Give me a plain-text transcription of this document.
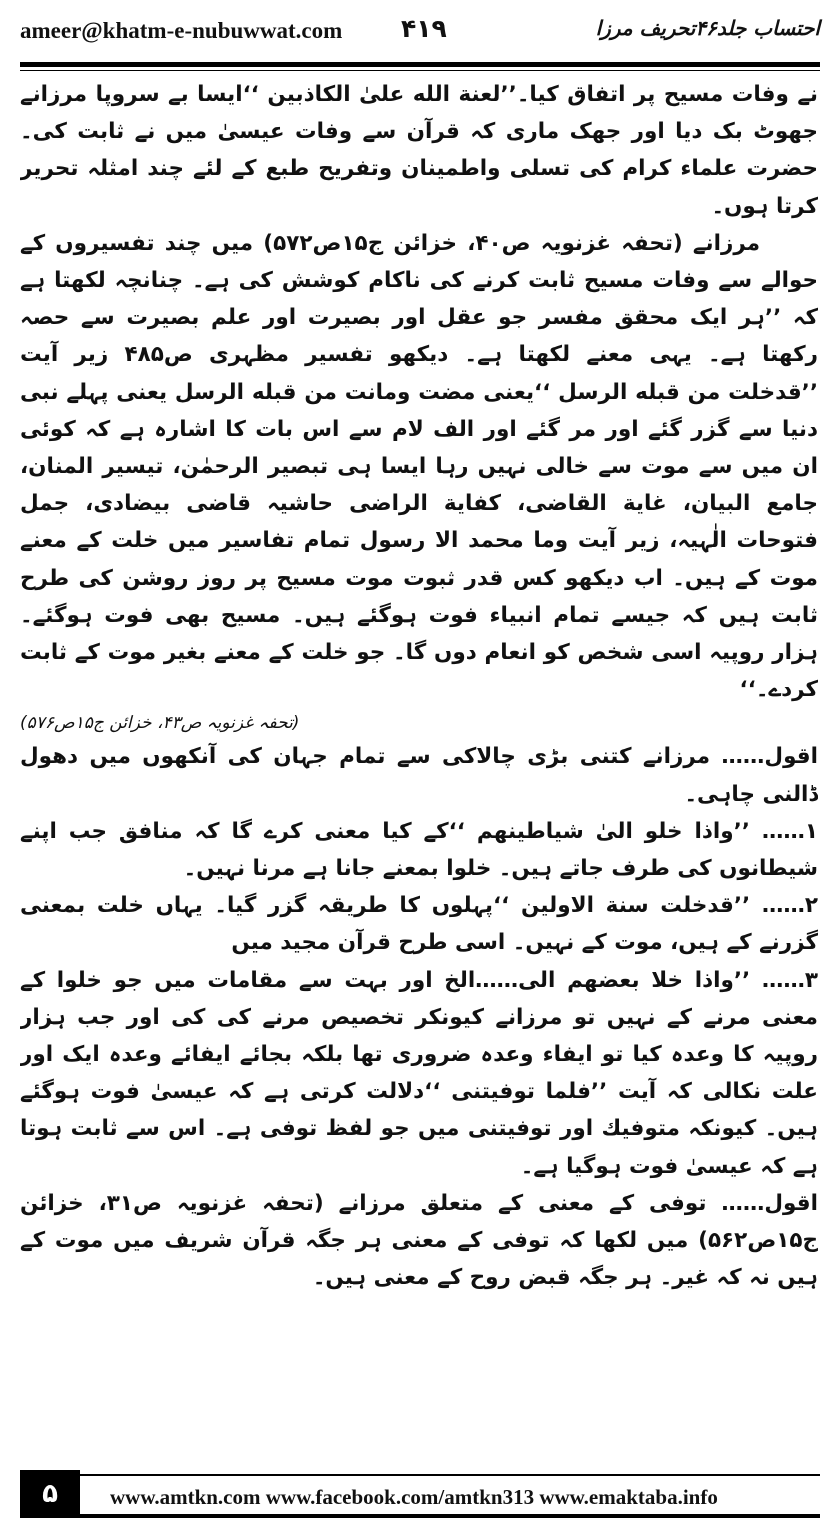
ameer@khatm-e-nubuwwat.com ۴۱۹	احتساب جلد۴۶تحریف مرزا

نے وفات مسیح پر اتفاق کیا۔’’لعنة الله علیٰ الکاذبین ‘‘ایسا بے سروپا مرزانے جھوٹ بک دیا اور جھک ماری کہ قرآن سے وفات عیسیٰ میں نے ثابت کی۔ حضرت علماء کرام کی تسلی واطمینان وتفریح طبع کے لئے چند امثلہ تحریر کرتا ہوں۔

مرزانے (تحفہ غزنویہ ص۴۰، خزائن ج۱۵ص۵۷۲) میں چند تفسیروں کے حوالے سے وفات مسیح ثابت کرنے کی ناکام کوشش کی ہے۔ چنانچہ لکھتا ہے کہ ’’ہر ایک محقق مفسر جو عقل اور بصیرت اور علم بصیرت سے حصہ رکھتا ہے۔ یہی معنے لکھتا ہے۔ دیکھو تفسیر مظہری ص۴۸۵ زیر آیت ’’قدخلت من قبله الرسل ‘‘یعنی مضت ومانت من قبله الرسل یعنی پہلے نبی دنیا سے گزر گئے اور مر گئے اور الف لام سے اس بات کا اشارہ ہے کہ کوئی ان میں سے موت سے خالی نہیں رہا ایسا ہی تبصیر الرحمٰن، تیسیر المنان، جامع البیان، غایة القاضی، کفایة الراضی حاشیہ قاضی بیضادی، جمل فتوحات الٰہیہ، زیر آیت وما محمد الا رسول تمام تفاسیر میں خلت کے معنے موت کے ہیں۔ اب دیکھو کس قدر ثبوت موت مسیح پر روز روشن کی طرح ثابت ہیں کہ جیسے تمام انبیاء فوت ہوگئے ہیں۔ مسیح بھی فوت ہوگئے۔ ہزار روپیہ اسی شخص کو انعام دوں گا۔ جو خلت کے معنے بغیر موت کے ثابت کردے۔‘‘

(تحفہ غزنویہ ص۴۳، خزائن ج۱۵ص۵۷۶)

اقول…… مرزانے کتنی بڑی چالاکی سے تمام جہان کی آنکھوں میں دھول ڈالنی چاہی۔

۱…… ’’واذا خلو الیٰ شیاطینهم ‘‘کے کیا معنی کرے گا کہ منافق جب اپنے شیطانوں کی طرف جاتے ہیں۔ خلوا بمعنے جانا ہے مرنا نہیں۔

۲…… ’’قدخلت سنة الاولین ‘‘پہلوں کا طریقہ گزر گیا۔ یہاں خلت بمعنی گزرنے کے ہیں، موت کے نہیں۔ اسی طرح قرآن مجید میں

۳…… ’’واذا خلا بعضهم الی……الخ اور بہت سے مقامات میں جو خلوا کے معنی مرنے کے نہیں تو مرزانے کیونکر تخصیص مرنے کی کی اور جب ہزار روپیہ کا وعدہ کیا تو ایفاء وعدہ ضروری تھا بلکہ بجائے ایفائے وعدہ ایک اور علت نکالی کہ آیت ’’فلما توفیتنی ‘‘دلالت کرتی ہے کہ عیسیٰ فوت ہوگئے ہیں۔ کیونکہ متوفیك اور توفیتنی میں جو لفظ توفی ہے۔ اس سے ثابت ہوتا ہے کہ عیسیٰ فوت ہوگیا ہے۔

اقول…… توفی کے معنی کے متعلق مرزانے (تحفہ غزنویہ ص۳۱، خزائن ج۱۵ص۵۶۲) میں لکھا کہ توفی کے معنی ہر جگہ قرآن شریف میں موت کے ہیں نہ کہ غیر۔ ہر جگہ قبض روح کے معنی ہیں۔

۵	www.amtkn.com www.facebook.com/amtkn313 www.emaktaba.info
